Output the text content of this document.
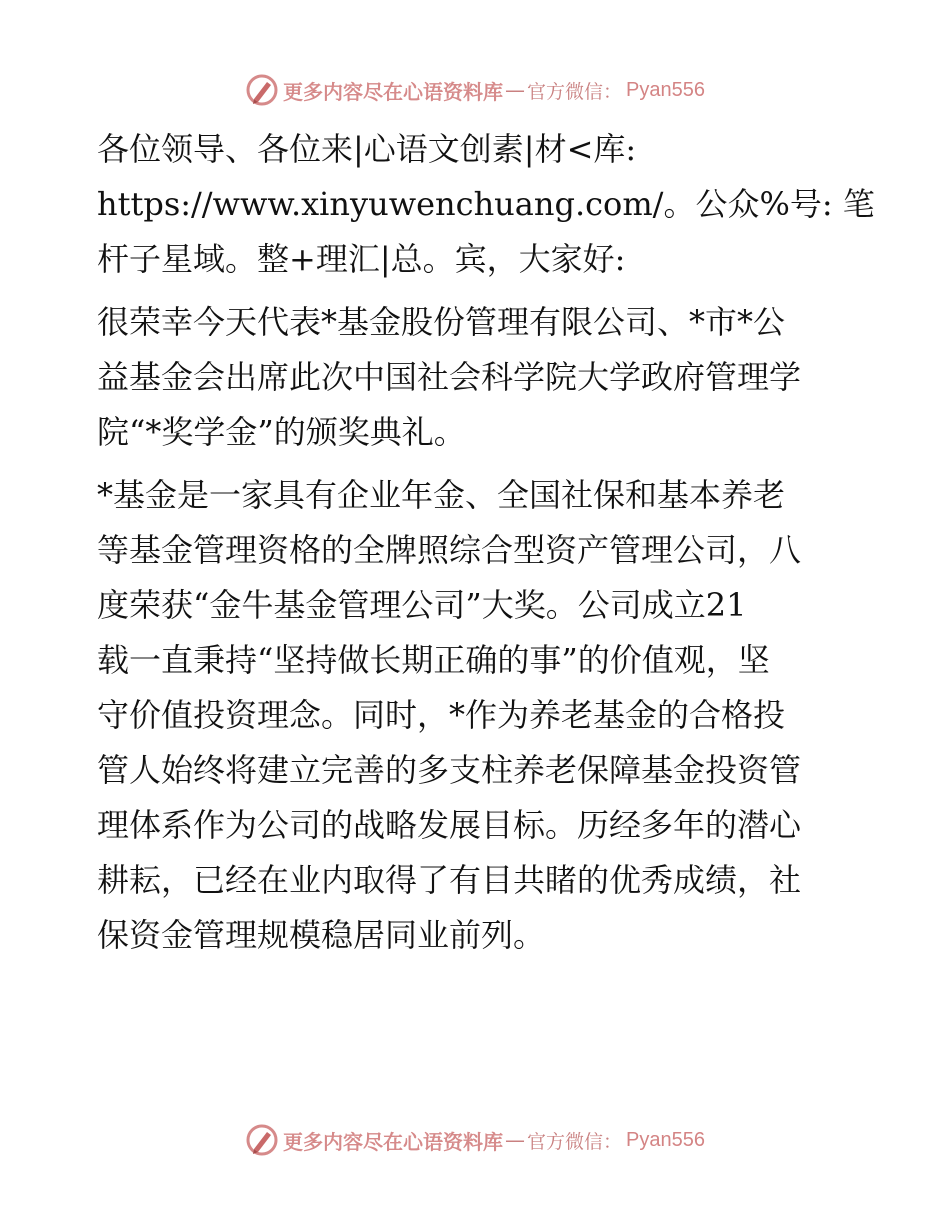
更多内容尽在心语资料库 — 官方微信： Pyan556
各位领导、各位来|心语文创素|材<库:
https://www.xinyuwenchuang.com/。公众%号: 笔
杆子星域。整+理汇|总。宾，大家好:
很荣幸今天代表*基金股份管理有限公司、*市*公
益基金会出席此次中国社会科学院大学政府管理学
院“*奖学金”的颁奖典礼。
*基金是一家具有企业年金、全国社保和基本养老
等基金管理资格的全牌照综合型资产管理公司，八
度荣获“金牛基金管理公司”大奖。公司成立21
载一直秉持“坚持做长期正确的事”的价值观，坚
守价值投资理念。同时，*作为养老基金的合格投
管人始终将建立完善的多支柱养老保障基金投资管
理体系作为公司的战略发展目标。历经多年的潜心
耕耘，已经在业内取得了有目共睹的优秀成绩，社
保资金管理规模稳居同业前列。
更多内容尽在心语资料库 — 官方微信： Pyan556
